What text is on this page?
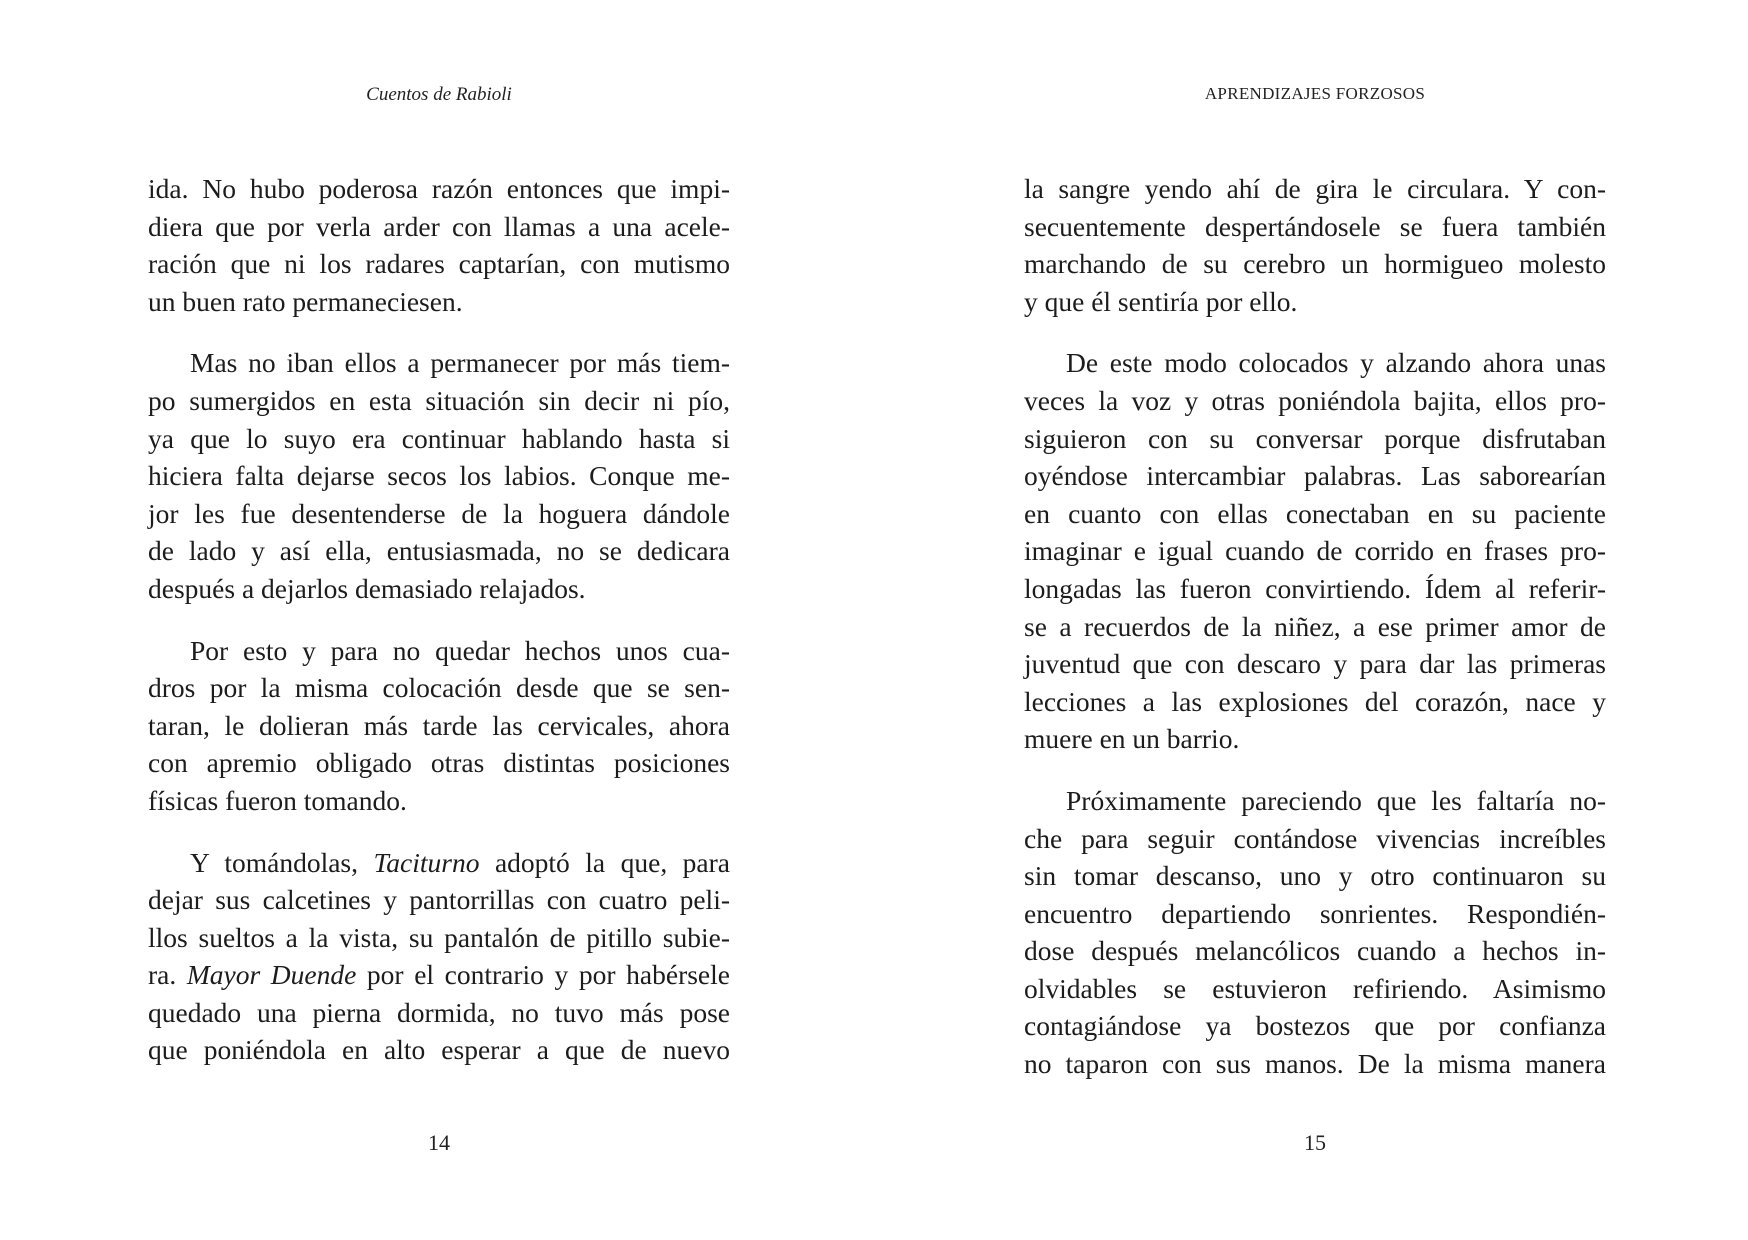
Cuentos de Rabioli

ida. No hubo poderosa razón entonces que impi-
diera que por verla arder con llamas a una acele-
ración que ni los radares captarían, con mutismo
un buen rato permaneciesen.

Mas no iban ellos a permanecer por más tiem-
po sumergidos en esta situación sin decir ni pío,
ya que lo suyo era continuar hablando hasta si
hiciera falta dejarse secos los labios. Conque me-
jor les fue desentenderse de la hoguera dándole
de lado y así ella, entusiasmada, no se dedicara
después a dejarlos demasiado relajados.

Por esto y para no quedar hechos unos cua-
dros por la misma colocación desde que se sen-
taran, le dolieran más tarde las cervicales, ahora
con apremio obligado otras distintas posiciones
físicas fueron tomando.

Y tomándolas, Taciturno adoptó la que, para
dejar sus calcetines y pantorrillas con cuatro peli-
llos sueltos a la vista, su pantalón de pitillo subie-
ra. Mayor Duende por el contrario y por habérsele
quedado una pierna dormida, no tuvo más pose
que poniéndola en alto esperar a que de nuevo

14
APRENDIZAJES FORZOSOS

la sangre yendo ahí de gira le circulara. Y con-
secuentemente despertándosele se fuera también
marchando de su cerebro un hormigueo molesto
y que él sentiría por ello.

De este modo colocados y alzando ahora unas
veces la voz y otras poniéndola bajita, ellos pro-
siguieron con su conversar porque disfrutaban
oyéndose intercambiar palabras. Las saborearían
en cuanto con ellas conectaban en su paciente
imaginar e igual cuando de corrido en frases pro-
longadas las fueron convirtiendo. Ídem al referir-
se a recuerdos de la niñez, a ese primer amor de
juventud que con descaro y para dar las primeras
lecciones a las explosiones del corazón, nace y
muere en un barrio.

Próximamente pareciendo que les faltaría no-
che para seguir contándose vivencias increíbles
sin tomar descanso, uno y otro continuaron su
encuentro departiendo sonrientes. Respondién-
dose después melancólicos cuando a hechos in-
olvidables se estuvieron refiriendo. Asimismo
contagiándose ya bostezos que por confianza
no taparon con sus manos. De la misma manera

15
